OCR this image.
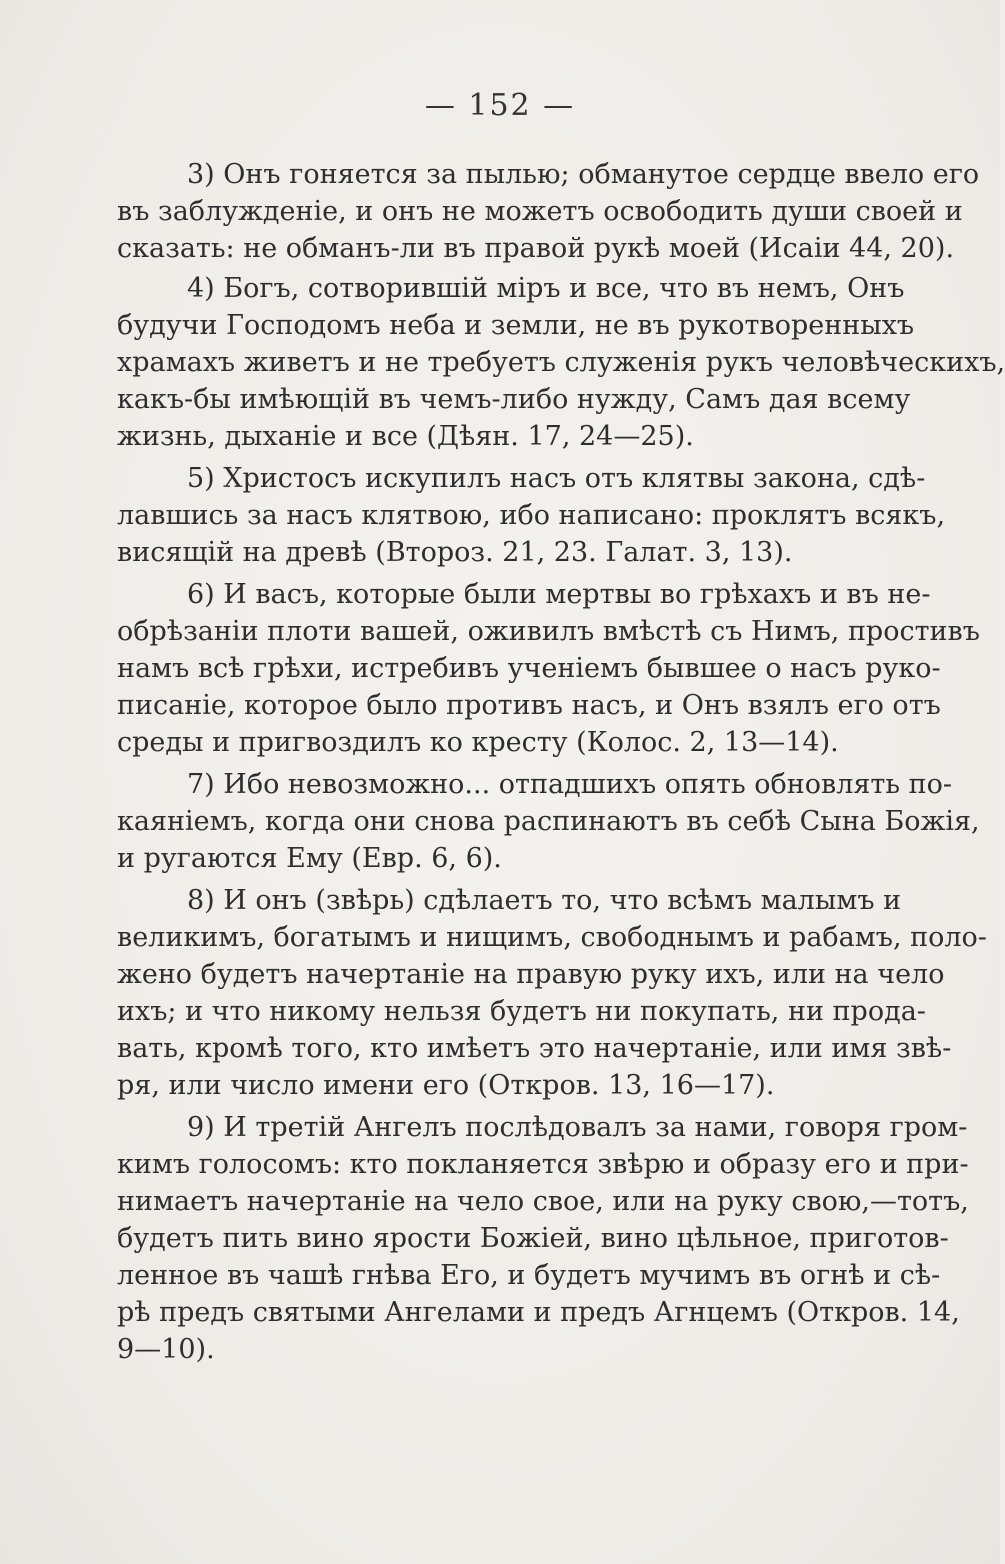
— 152 —
3) Онъ гоняется за пылью; обманутое сердце ввело его
въ заблужденіе, и онъ не можетъ освободить души своей и
сказать: не обманъ-ли въ правой рукѣ моей (Исаіи 44, 20).
4) Богъ, сотворившій міръ и все, что въ немъ, Онъ
будучи Господомъ неба и земли, не въ рукотворенныхъ
храмахъ живетъ и не требуетъ служенія рукъ человѣческихъ,
какъ-бы имѣющій въ чемъ-либо нужду, Самъ дая всему
жизнь, дыханіе и все (Дѣян. 17, 24—25).
5) Христосъ искупилъ насъ отъ клятвы закона, сдѣ-
лавшись за насъ клятвою, ибо написано: проклятъ всякъ,
висящій на древѣ (Второз. 21, 23. Галат. 3, 13).
6) И васъ, которые были мертвы во грѣхахъ и въ не-
обрѣзаніи плоти вашей, оживилъ вмѣстѣ съ Нимъ, простивъ
намъ всѣ грѣхи, истребивъ ученіемъ бывшее о насъ руко-
писаніе, которое было противъ насъ, и Онъ взялъ его отъ
среды и пригвоздилъ ко кресту (Колос. 2, 13—14).
7) Ибо невозможно... отпадшихъ опять обновлять по-
каяніемъ, когда они снова распинаютъ въ себѣ Сына Божія,
и ругаются Ему (Евр. 6, 6).
8) И онъ (звѣрь) сдѣлаетъ то, что всѣмъ малымъ и
великимъ, богатымъ и нищимъ, свободнымъ и рабамъ, поло-
жено будетъ начертаніе на правую руку ихъ, или на чело
ихъ; и что никому нельзя будетъ ни покупать, ни прода-
вать, кромѣ того, кто имѣетъ это начертаніе, или имя звѣ-
ря, или число имени его (Откров. 13, 16—17).
9) И третій Ангелъ послѣдовалъ за нами, говоря гром-
кимъ голосомъ: кто покланяется звѣрю и образу его и при-
нимаетъ начертаніе на чело свое, или на руку свою,—тотъ,
будетъ пить вино ярости Божіей, вино цѣльное, приготов-
ленное въ чашѣ гнѣва Его, и будетъ мучимъ въ огнѣ и сѣ-
рѣ предъ святыми Ангелами и предъ Агнцемъ (Откров. 14,
9—10).
